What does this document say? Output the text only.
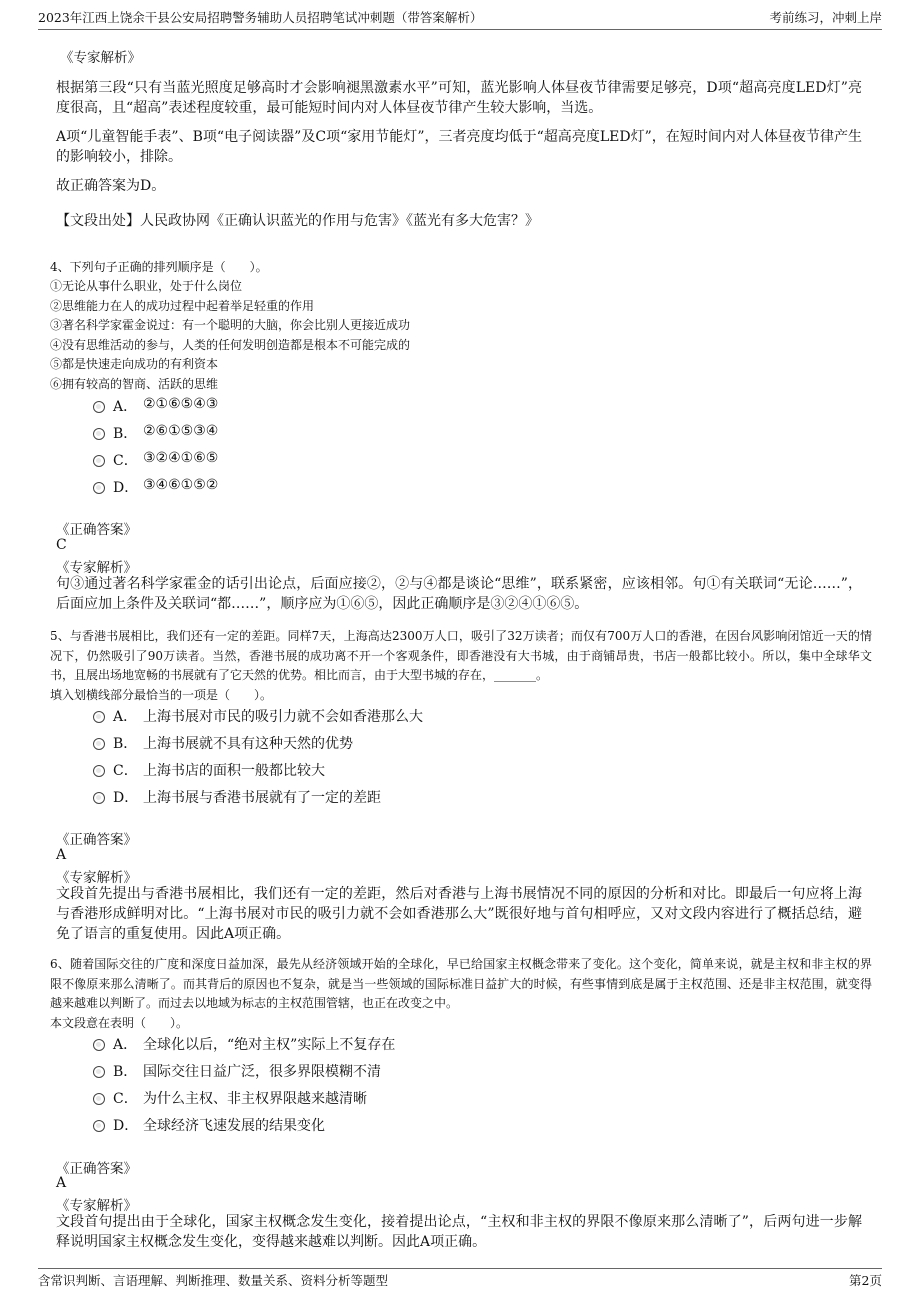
2023年江西上饶余干县公安局招聘警务辅助人员招聘笔试冲刺题（带答案解析）	考前练习，冲刺上岸
《专家解析》
根据第三段“只有当蓝光照度足够高时才会影响褪黑激素水平”可知，蓝光影响人体昼夜节律需要足够亮，D项“超高亮度LED灯”亮度很高，且“超高”表述程度较重，最可能短时间内对人体昼夜节律产生较大影响，当选。
A项“儿童智能手表”、B项“电子阅读器”及C项“家用节能灯”，三者亮度均低于“超高亮度LED灯”，在短时间内对人体昼夜节律产生的影响较小，排除。
故正确答案为D。
【文段出处】人民政协网《正确认识蓝光的作用与危害》《蓝光有多大危害？》
4、下列句子正确的排列顺序是（　　）。
①无论从事什么职业，处于什么岗位
②思维能力在人的成功过程中起着举足轻重的作用
③著名科学家霍金说过：有一个聪明的大脑，你会比别人更接近成功
④没有思维活动的参与，人类的任何发明创造都是根本不可能完成的
⑤都是快速走向成功的有利资本
⑥拥有较高的智商、活跃的思维
A． ②①⑥⑤④③
B． ②⑥①⑤③④
C． ③②④①⑥⑤
D． ③④⑥①⑤②
《正确答案》
C
《专家解析》
句③通过著名科学家霍金的话引出论点，后面应接②，②与④都是谈论“思维”，联系紧密，应该相邻。句①有关联词“无论……”，后面应加上条件及关联词“都……”，顺序应为①⑥⑤，因此正确顺序是③②④①⑥⑤。
5、与香港书展相比，我们还有一定的差距。同样7天，上海高达2300万人口，吸引了32万读者；而仅有700万人口的香港，在因台风影响闭馆近一天的情况下，仍然吸引了90万读者。当然，香港书展的成功离不开一个客观条件，即香港没有大书城，由于商铺昂贵，书店一般都比较小。所以，集中全球华文书，且展出场地宽畅的书展就有了它天然的优势。相比而言，由于大型书城的存在，_______。
填入划横线部分最恰当的一项是（　　）。
A． 上海书展对市民的吸引力就不会如香港那么大
B． 上海书展就不具有这种天然的优势
C． 上海书店的面积一般都比较大
D． 上海书展与香港书展就有了一定的差距
《正确答案》
A
《专家解析》
文段首先提出与香港书展相比，我们还有一定的差距，然后对香港与上海书展情况不同的原因的分析和对比。即最后一句应将上海与香港形成鲜明对比。“上海书展对市民的吸引力就不会如香港那么大”既很好地与首句相呼应，又对文段内容进行了概括总结，避免了语言的重复使用。因此A项正确。
6、随着国际交往的广度和深度日益加深，最先从经济领域开始的全球化，早已给国家主权概念带来了变化。这个变化，简单来说，就是主权和非主权的界限不像原来那么清晰了。而其背后的原因也不复杂，就是当一些领域的国际标准日益扩大的时候，有些事情到底是属于主权范围、还是非主权范围，就变得越来越难以判断了。而过去以地域为标志的主权范围管辖，也正在改变之中。
本文段意在表明（　　）。
A． 全球化以后，“绝对主权”实际上不复存在
B． 国际交往日益广泛，很多界限模糊不清
C． 为什么主权、非主权界限越来越清晰
D． 全球经济飞速发展的结果变化
《正确答案》
A
《专家解析》
文段首句提出由于全球化，国家主权概念发生变化，接着提出论点，“主权和非主权的界限不像原来那么清晰了”，后两句进一步解释说明国家主权概念发生变化，变得越来越难以判断。因此A项正确。
含常识判断、言语理解、判断推理、数量关系、资料分析等题型	第2页
